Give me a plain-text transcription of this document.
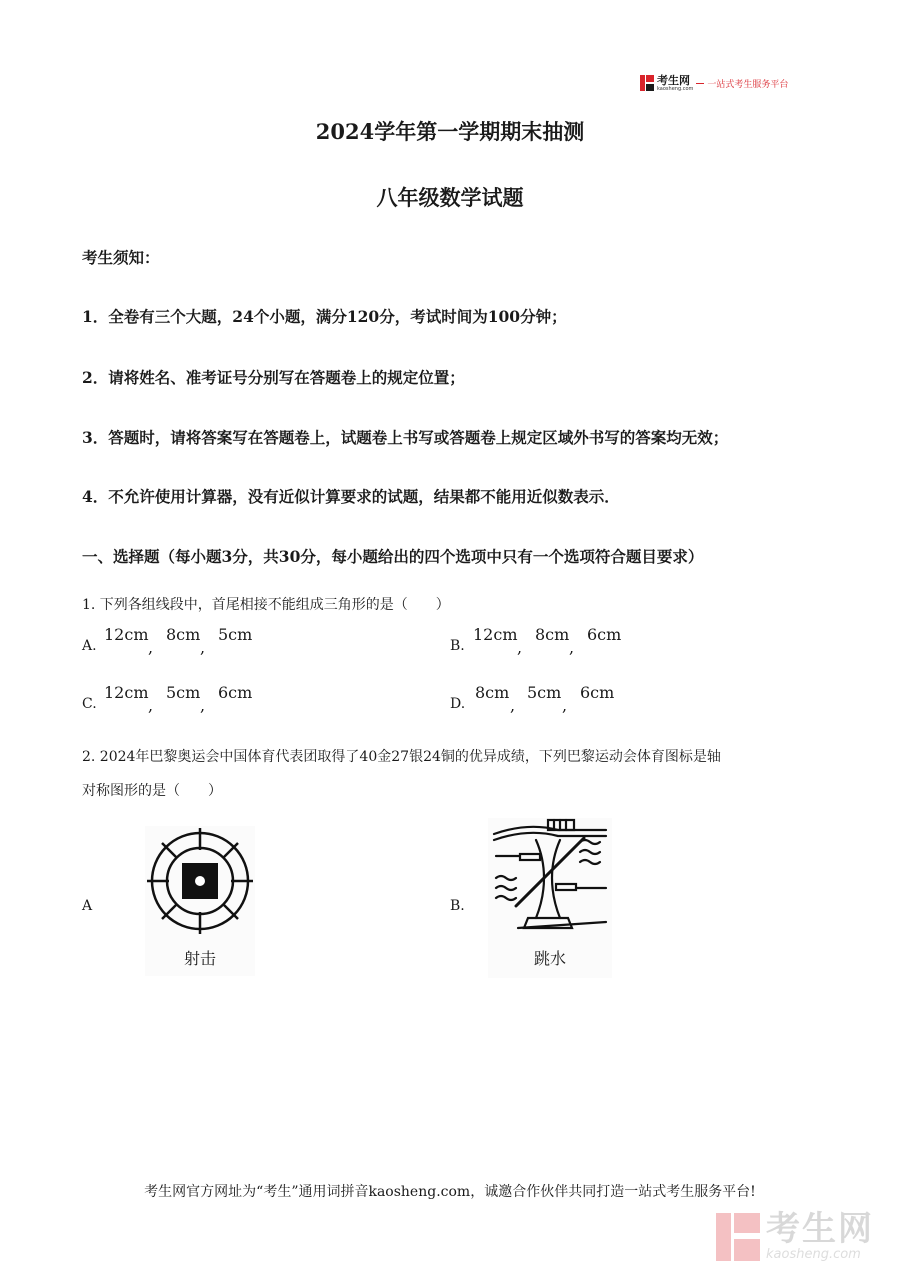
考生网
kaosheng.com 一站式考生服务平台
2024学年第一学期期末抽测
八年级数学试题
考生须知：
1．全卷有三个大题，24个小题，满分120分，考试时间为100分钟；
2．请将姓名、准考证号分别写在答题卷上的规定位置；
3．答题时，请将答案写在答题卷上，试题卷上书写或答题卷上规定区域外书写的答案均无效；
4．不允许使用计算器，没有近似计算要求的试题，结果都不能用近似数表示．
一、选择题（每小题3分，共30分，每小题给出的四个选项中只有一个选项符合题目要求）
1. 下列各组线段中，首尾相接不能组成三角形的是（　　）
A.
12cm
,
8cm
,
5cm
B.
12cm
,
8cm
,
6cm
C.
12cm
,
5cm
,
6cm
D.
8cm
,
5cm
,
6cm
2. 2024年巴黎奥运会中国体育代表团取得了40金27银24铜的优异成绩，下列巴黎运动会体育图标是轴
对称图形的是（　　）
A
射击
B.
跳水
考生网官方网址为“考生”通用词拼音kaosheng.com，诚邀合作伙伴共同打造一站式考生服务平台!
考生网
kaosheng.com
